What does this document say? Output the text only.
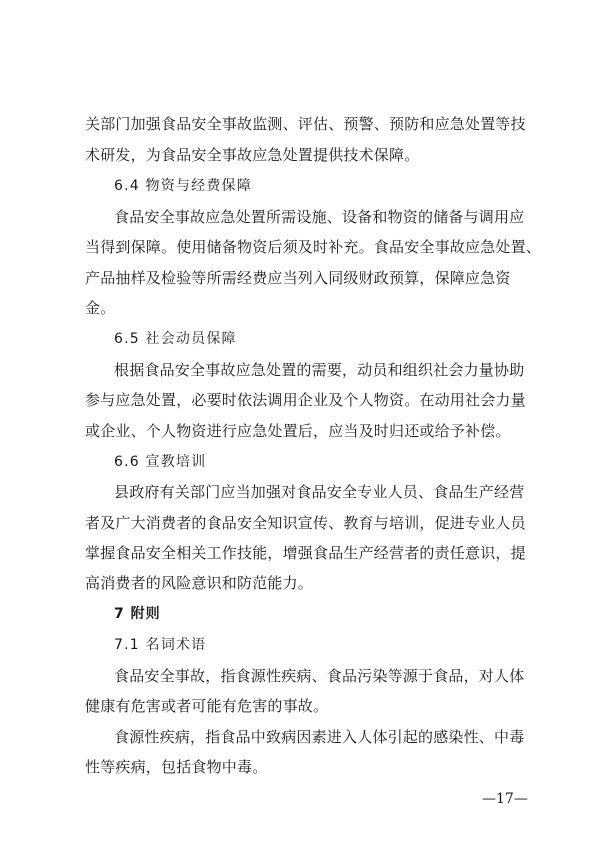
关部门加强食品安全事故监测、评估、预警、预防和应急处置等技
术研发，为食品安全事故应急处置提供技术保障。
6.4 物资与经费保障
食品安全事故应急处置所需设施、设备和物资的储备与调用应
当得到保障。使用储备物资后须及时补充。食品安全事故应急处置、
产品抽样及检验等所需经费应当列入同级财政预算，保障应急资
金。
6.5 社会动员保障
根据食品安全事故应急处置的需要，动员和组织社会力量协助
参与应急处置，必要时依法调用企业及个人物资。在动用社会力量
或企业、个人物资进行应急处置后，应当及时归还或给予补偿。
6.6 宣教培训
县政府有关部门应当加强对食品安全专业人员、食品生产经营
者及广大消费者的食品安全知识宣传、教育与培训，促进专业人员
掌握食品安全相关工作技能，增强食品生产经营者的责任意识，提
高消费者的风险意识和防范能力。
7 附则
7.1 名词术语
食品安全事故，指食源性疾病、食品污染等源于食品，对人体
健康有危害或者可能有危害的事故。
—17—
食源性疾病，指食品中致病因素进入人体引起的感染性、中毒
性等疾病，包括食物中毒。
